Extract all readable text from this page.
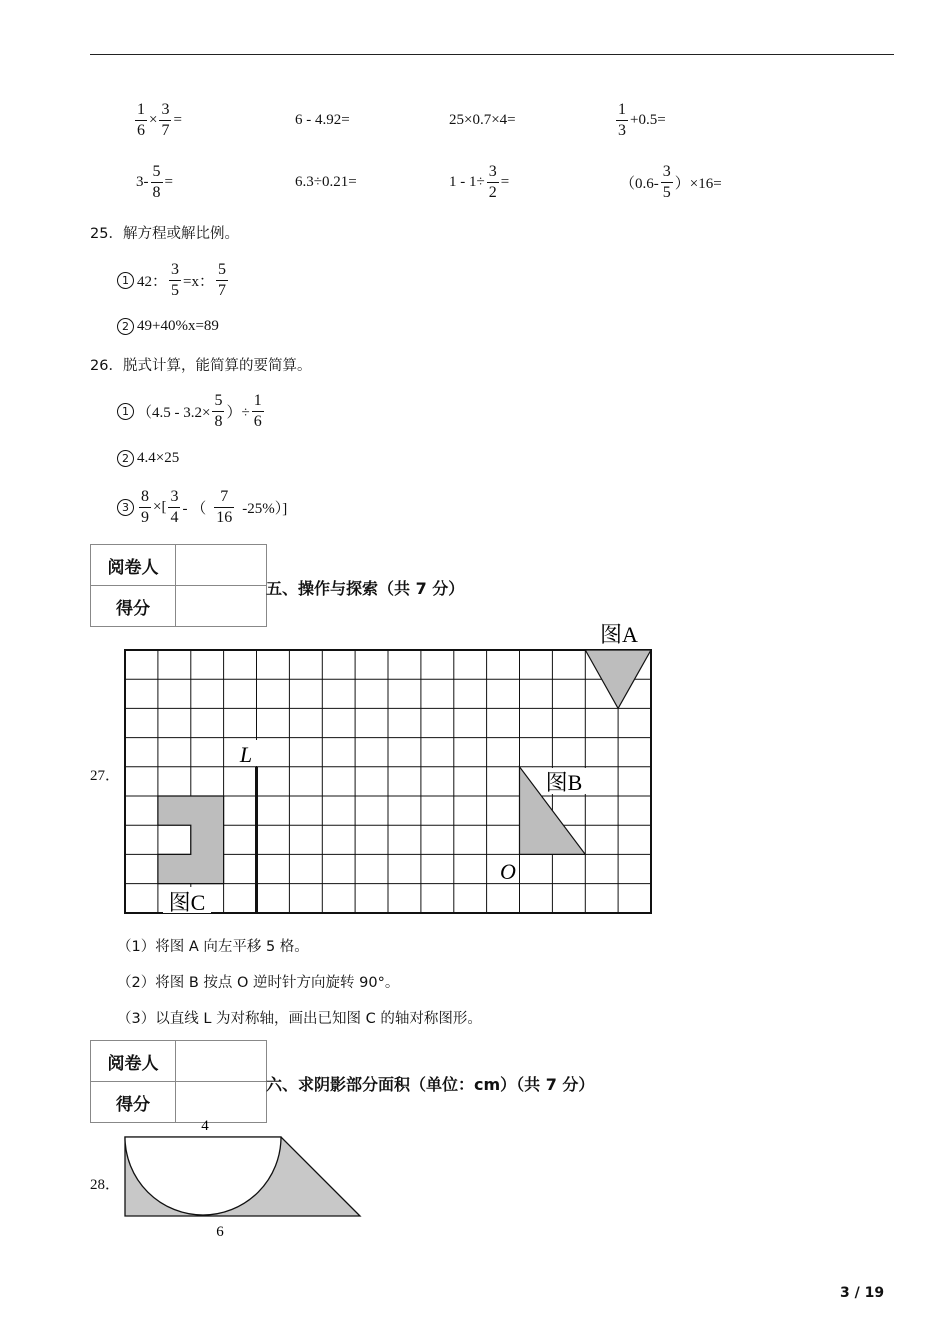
$\frac{1}{6} \times \frac{3}{7}$ =	6 - 4.92=	25×0.7×4=	$\frac{1}{3} +0.5=$
$3- \frac{5}{8}$ =	6.3÷0.21=	$1 - 1\div \frac{3}{2}$ =	$(0.6- \frac{3}{5} )\times 16=$
25．解方程或解比例。
1 42： $\frac{3}{5} =x$： $\frac{5}{7}$
2 49+40%x=89
26．脱式计算，能简算的要简算。
1 （$4.5 - 3.2\times \frac{5}{8}$ ）÷ $\frac{1}{6}$
2 4.4×25
$3 \frac{8}{9}$ ×[ $\frac{3}{4}$ - （ $\frac{7}{16} -25\%$）]
阅卷人	
得分	
五、操作与探索（共 7 分）
27．
图A
图B
图C
L
O
（1）将图 A 向左平移 5 格。
（2）将图 B 按点 O 逆时针方向旋转 90°。
（3）以直线 L 为对称轴，画出已知图 C 的轴对称图形。
阅卷人	
得分	
六、求阴影部分面积（单位：cm）（共 7 分）
28．
4
6
3 / 19
